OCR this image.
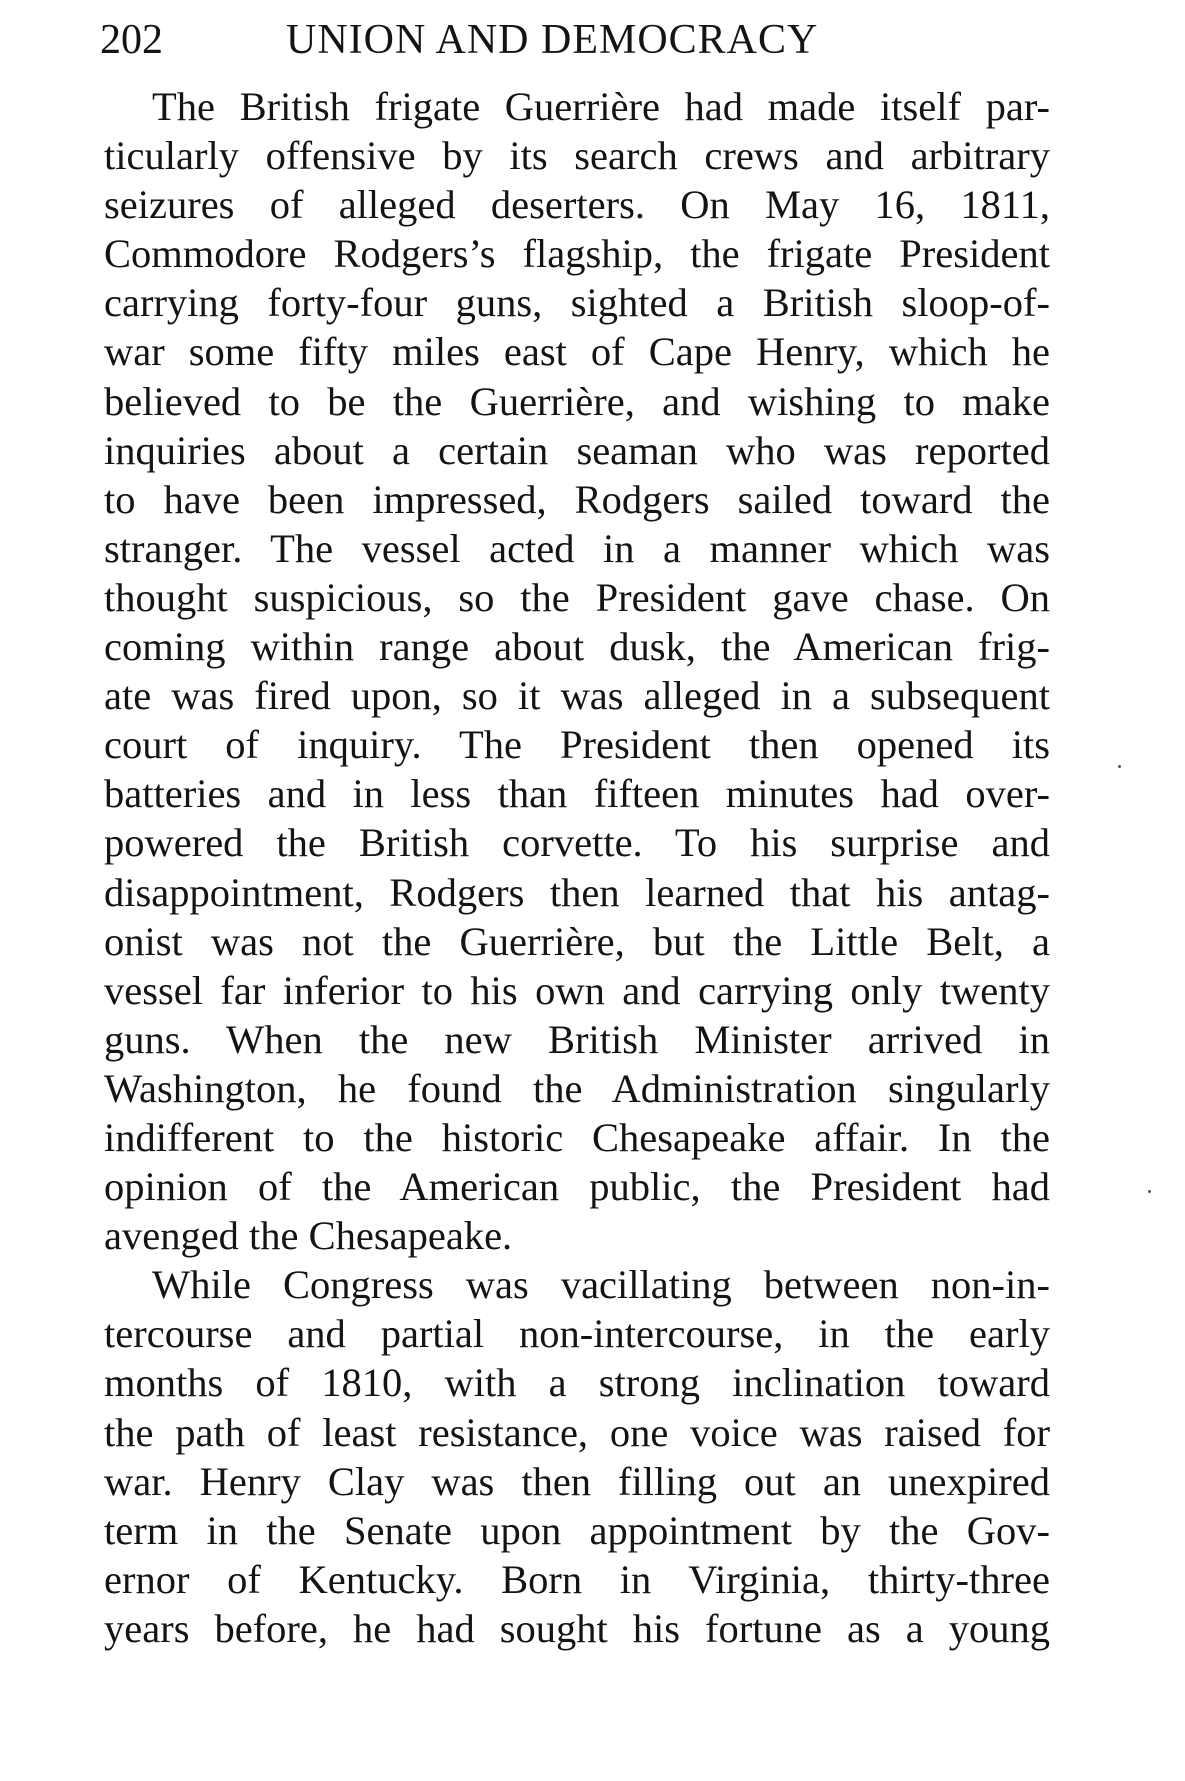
202	UNION AND DEMOCRACY
The British frigate Guerrière had made itself par-
ticularly offensive by its search crews and arbitrary
seizures of alleged deserters. On May 16, 1811,
Commodore Rodgers’s flagship, the frigate President
carrying forty-four guns, sighted a British sloop-of-
war some fifty miles east of Cape Henry, which he
believed to be the Guerrière, and wishing to make
inquiries about a certain seaman who was reported
to have been impressed, Rodgers sailed toward the
stranger. The vessel acted in a manner which was
thought suspicious, so the President gave chase. On
coming within range about dusk, the American frig-
ate was fired upon, so it was alleged in a subsequent
court of inquiry. The President then opened its
batteries and in less than fifteen minutes had over-
powered the British corvette. To his surprise and
disappointment, Rodgers then learned that his antag-
onist was not the Guerrière, but the Little Belt, a
vessel far inferior to his own and carrying only twenty
guns. When the new British Minister arrived in
Washington, he found the Administration singularly
indifferent to the historic Chesapeake affair. In the
opinion of the American public, the President had
avenged the Chesapeake.
While Congress was vacillating between non-in-
tercourse and partial non-intercourse, in the early
months of 1810, with a strong inclination toward
the path of least resistance, one voice was raised for
war. Henry Clay was then filling out an unexpired
term in the Senate upon appointment by the Gov-
ernor of Kentucky. Born in Virginia, thirty-three
years before, he had sought his fortune as a young
